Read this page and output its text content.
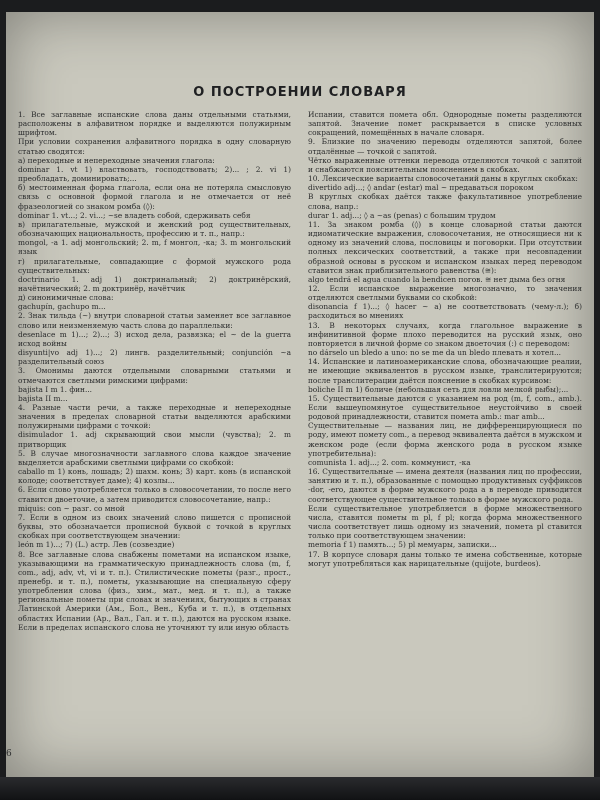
О ПОСТРОЕНИИ СЛОВАРЯ

1. Все заглавные испанские слова даны отдельными статьями, расположены в алфавитном порядке и выделяются полужирным шрифтом.

При условии сохранения алфавитного порядка в одну словарную статью сводятся:

а) переходные и непереходные значения глагола:

dominar 1. vt 1) властвовать, господствовать; 2)... ; 2. vi 1) преобладать, доминировать;...

б) местоименная форма глагола, если она не потеряла смысловую связь с основной формой глагола и не отмечается от неё фразеологией со знаком ромба (◊):

dominar 1. vt...; 2. vi...; ~se владеть собой, сдерживать себя

в) прилагательные, мужской и женский род существительных, обозначающих национальность, профессию и т. п., напр.:

mongol, -a 1. adj монгольский; 2. m, f монгол, -ка; 3. m монгольский язык

г) прилагательные, совпадающие с формой мужского рода существительных:

doctrinario 1. adj 1) доктринальный; 2) доктринёрский, начётнический; 2. m доктринёр, начётчик

д) синонимичные слова:

gachupín, gachupo m...

2. Знак тильда (~) внутри словарной статьи заменяет все заглавное слово или неизменяемую часть слова до параллельки:

desenlace m 1)...; 2)...; 3) исход дела, развязка; el ~ de la guerra исход войны

disyunti|vo adj 1)...; 2) лингв. разделительный; conjunción ~a разделительный союз

3. Омонимы даются отдельными словарными статьями и отмечаются светлыми римскими цифрами:

bajista I m 1. фин...

bajista II m...

4. Разные части речи, а также переходные и непереходные значения в пределах словарной статьи выделяются арабскими полужирными цифрами с точкой:

disimulador 1. adj скрывающий свои мысли (чувства); 2. m притворщик

5. В случае многозначности заглавного слова каждое значение выделяется арабскими светлыми цифрами со скобкой:

caballo m 1) конь, лошадь; 2) шахм. конь; 3) карт. конь (в испанской колоде; соответствует даме); 4) козлы...

6. Если слово употребляется только в словосочетании, то после него ставится двоеточие, а затем приводится словосочетание, напр.:

miquis: con ~ разг. со мной

7. Если в одном из своих значений слово пишется с прописной буквы, это обозначается прописной буквой с точкой в круглых скобках при соответствующем значении:

león m 1)...; 7) (L.) астр. Лев (созвездие)

8. Все заглавные слова снабжены пометами на испанском языке, указывающими на грамматическую принадлежность слова (m, f, com., adj, adv, vt, vi и т. п.). Стилистические пометы (разг., прост., пренебр. и т. п.), пометы, указывающие на специальную сферу употребления слова (физ., хим., мат., мед. и т. п.), а также региональные пометы при словах и значениях, бытующих в странах Латинской Америки (Ам., Бол., Вен., Куба и т. п.), в отдельных областях Испании (Ар., Вал., Гал. и т. п.), даются на русском языке. Если в пределах испанского слова не уточняют ту или иную область

Испании, ставится помета обл. Однородные пометы разделяются запятой. Значение помет раскрывается в списке условных сокращений, помещённых в начале словаря.

9. Близкие по значению переводы отделяются запятой, более отдалённые — точкой с запятой.

Чётко выраженные оттенки перевода отделяются точкой с запятой и снабжаются пояснительным пояснением в скобках.

10. Лексические варианты словосочетаний даны в круглых скобках:

divertido adj...; ◊ andar (estar) mal ~ предаваться пороком

В круглых скобках даётся также факультативное употребление слова, напр.:

durar 1. adj...; ◊ a ~as (penas) с большим трудом

11. За знаком ромба (◊) в конце словарной статьи даются идиоматические выражения, словосочетания, не относящиеся ни к одному из значений слова, пословицы и поговорки. При отсутствии полных лексических соответствий, а также при несовпадении образной основы в русском и испанском языках перед переводом ставится знак приблизительного равенства (≅):

algo tendrá el agua cuando la bendicen погов. ≅ нет дыма без огня

12. Если испанское выражение многозначно, то значения отделяются светлыми буквами со скобкой:

disonancia f 1)...; ◊ hacer ~ a) не соответствовать (чему-л.); б) расходиться во мнениях

13. В некоторых случаях, когда глагольное выражение в инфинитивной форме плохо переводится на русский язык, оно повторяется в личной форме со знаком двоеточия (:) с переводом:

no dárselo un bledo a uno: no se me da un bledo плевать я хотел...

14. Испанские и латиноамериканские слова, обозначающие реалии, не имеющие эквивалентов в русском языке, транслитерируются; после транслитерации даётся пояснение в скобках курсивом:

boliche II m 1) боличе (небольшая сеть для ловли мелкой рыбы);...

15. Существительные даются с указанием на род (m, f, com., amb.). Если вышеупомянутое существительное неустойчиво в своей родовой принадлежности, ставится помета amb.: mar amb...

Существительные — названия лиц, не дифференцирующиеся по роду, имеют помету com., а перевод эквивалента даётся в мужском и женском роде (если форма женского рода в русском языке употребительна):

comunista 1. adj...; 2. com. коммунист, -ка

16. Существительные — имена деятеля (названия лиц по профессии, занятию и т. п.), образованные с помощью продуктивных суффиксов -dor, -ero, даются в форме мужского рода а в переводе приводится соответствующее существительное только в форме мужского рода.

Если существительное употребляется в форме множественного числа, ставятся пометы m pl, f pl; когда форма множественного числа соответствует лишь одному из значений, помета pl ставится только при соответствующем значении:

memoria f 1) память...; 5) pl мемуары, записки...

17. В корпусе словаря даны только те имена собственные, которые могут употребляться как нарицательные (quijote, burdeos).

6
